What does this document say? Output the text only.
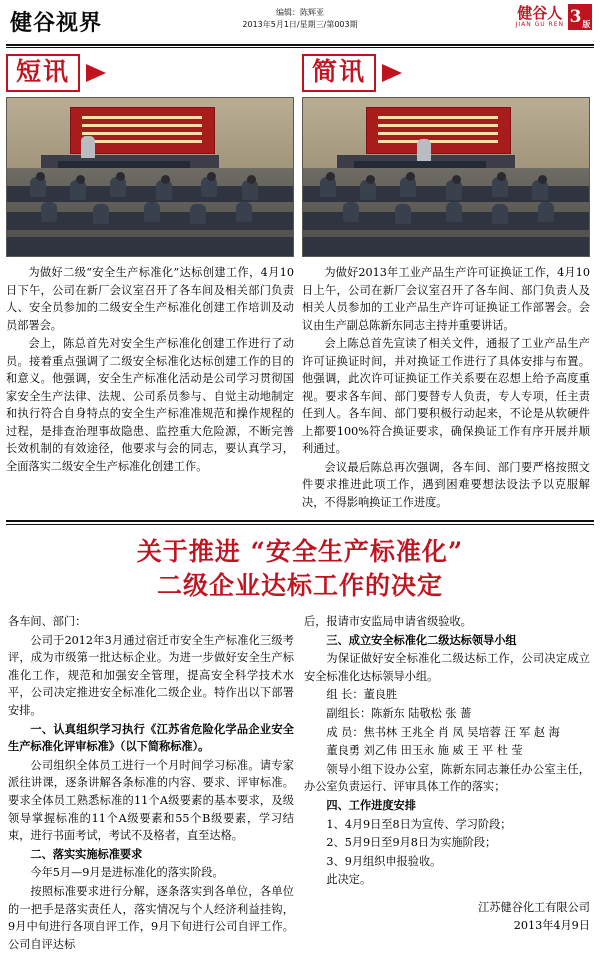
健谷视界	编辑：陈辉亚
2013年5月1日/星期三/第003期
健谷人
JIAN GU REN 3 版
短讯

为做好二级“安全生产标准化”达标创建工作，4月10日下午，公司在新厂会议室召开了各车间及相关部门负责人、安全员参加的二级安全生产标准化创建工作培训及动员部署会。

会上，陈总首先对安全生产标准化创建工作进行了动员。接着重点强调了二级安全标准化达标创建工作的目的和意义。他强调，安全生产标准化活动是公司学习贯彻国家安全生产法律、法规、公司系员参与、自觉主动地制定和执行符合自身特点的安全生产标准准规范和操作规程的过程，是排查治理事故隐患、监控重大危险源，不断完善长效机制的有效途径，他要求与会的同志，要认真学习，全面落实二级安全生产标准化创建工作。

简讯

为做好2013年工业产品生产许可证换证工作，4月10日上午，公司在新厂会议室召开了各车间、部门负责人及相关人员参加的工业产品生产许可证换证工作部署会。会议由生产副总陈新东同志主持并重要讲话。

会上陈总首先宣读了相关文件，通报了工业产品生产许可证换证时间，并对换证工作进行了具体安排与布置。他强调，此次许可证换证工作关系要在忍想上给予高度重视。要求各车间、部门要替专人负责，专人专项，任主责任到人。各车间、部门要积极行动起来，不论是从软硬件上都要100%符合换证要求，确保换证工作有序开展并顺利通过。

会议最后陈总再次强调，各车间、部门要严格按照文件要求推进此项工作，遇到困难要想法设法予以克服解决，不得影响换证工作进度。

关于推进 “安全生产标准化”
二级企业达标工作的决定

各车间、部门：

公司于2012年3月通过宿迁市安全生产标准化三级考评，成为市级第一批达标企业。为进一步做好安全生产标准化工作，规范和加强安全管理，提高安全科学技术水平，公司决定推进安全标准化二级企业。特作出以下部署安排。

一、认真组织学习执行《江苏省危险化学品企业安全生产标准化评审标准》（以下简称标准）。

公司组织全体员工进行一个月时间学习标准。请专家派往讲课，逐条讲解各条标准的内容、要求、评审标准。要求全体员工熟悉标准的11个A级要素的基本要求，及级领导掌握标准的11个A级要素和55个B级要素，学习结束，进行书面考试，考试不及格者，直至达格。

二、落实实施标准要求

今年5月—9月是进标准化的落实阶段。

按照标准要求进行分解，逐条落实到各单位，各单位的一把手是落实责任人，落实情况与个人经济利益挂钩，9月中旬进行各项自评工作，9月下旬进行公司自评工作。公司自评达标

后，报请市安监局申请省级验收。

三、成立安全标准化二级达标领导小组

为保证做好安全标准化二级达标工作，公司决定成立安全标准化达标领导小组。

组 长：董良胜

副组长：陈新东 陆敬松 张 蔷

成 员：焦书林 王兆全 肖 凤 吴培蓉 汪 军 赵 海

董良勇 刘乙伟 田玉永 施 威 王 平 杜 莹

领导小组下设办公室，陈新东同志兼任办公室主任，办公室负责运行、评审具体工作的落实；

四、工作进度安排

1、4月9日至8日为宣传、学习阶段；

2、5月9日至9月8日为实施阶段；

3、9月组织申报验收。

此决定。

江苏健谷化工有限公司
2013年4月9日
